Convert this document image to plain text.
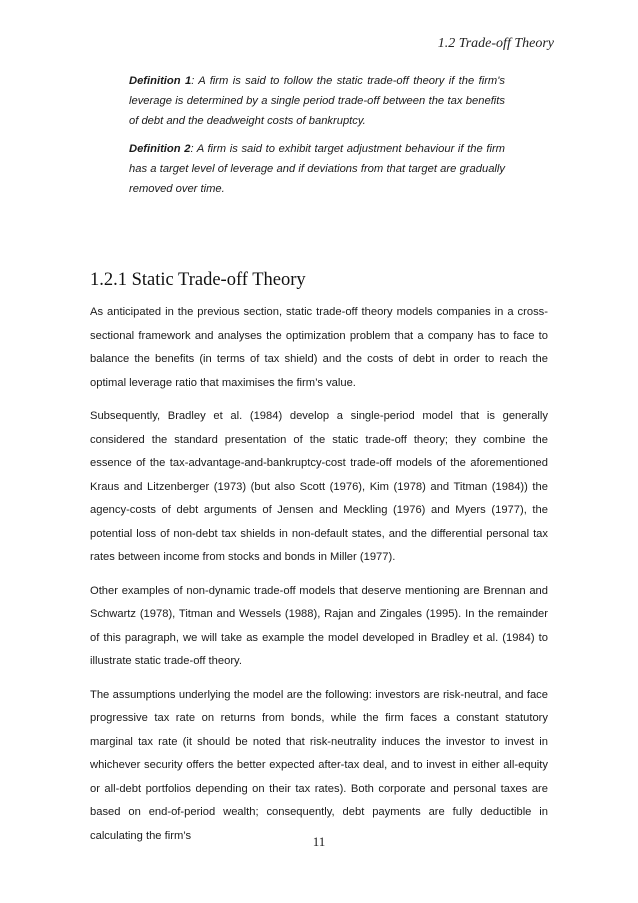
1.2 Trade-off Theory

Definition 1: A firm is said to follow the static trade-off theory if the firm's leverage is determined by a single period trade-off between the tax benefits of debt and the deadweight costs of bankruptcy.

Definition 2: A firm is said to exhibit target adjustment behaviour if the firm has a target level of leverage and if deviations from that target are gradually removed over time.

1.2.1 Static Trade-off Theory

As anticipated in the previous section, static trade-off theory models companies in a cross-sectional framework and analyses the optimization problem that a company has to face to balance the benefits (in terms of tax shield) and the costs of debt in order to reach the optimal leverage ratio that maximises the firm’s value.

Subsequently, Bradley et al. (1984) develop a single-period model that is generally considered the standard presentation of the static trade-off theory; they combine the essence of the tax-advantage-and-bankruptcy-cost trade-off models of the aforementioned Kraus and Litzenberger (1973) (but also Scott (1976), Kim (1978) and Titman (1984)) the agency-costs of debt arguments of Jensen and Meckling (1976) and Myers (1977), the potential loss of non-debt tax shields in non-default states, and the differential personal tax rates between income from stocks and bonds in Miller (1977).

Other examples of non-dynamic trade-off models that deserve mentioning are Brennan and Schwartz (1978), Titman and Wessels (1988), Rajan and Zingales (1995). In the remainder of this paragraph, we will take as example the model developed in Bradley et al. (1984) to illustrate static trade-off theory.

The assumptions underlying the model are the following: investors are risk-neutral, and face progressive tax rate on returns from bonds, while the firm faces a constant statutory marginal tax rate (it should be noted that risk-neutrality induces the investor to invest in whichever security offers the better expected after-tax deal, and to invest in either all-equity or all-debt portfolios depending on their tax rates). Both corporate and personal taxes are based on end-of-period wealth; consequently, debt payments are fully deductible in calculating the firm’s	11
